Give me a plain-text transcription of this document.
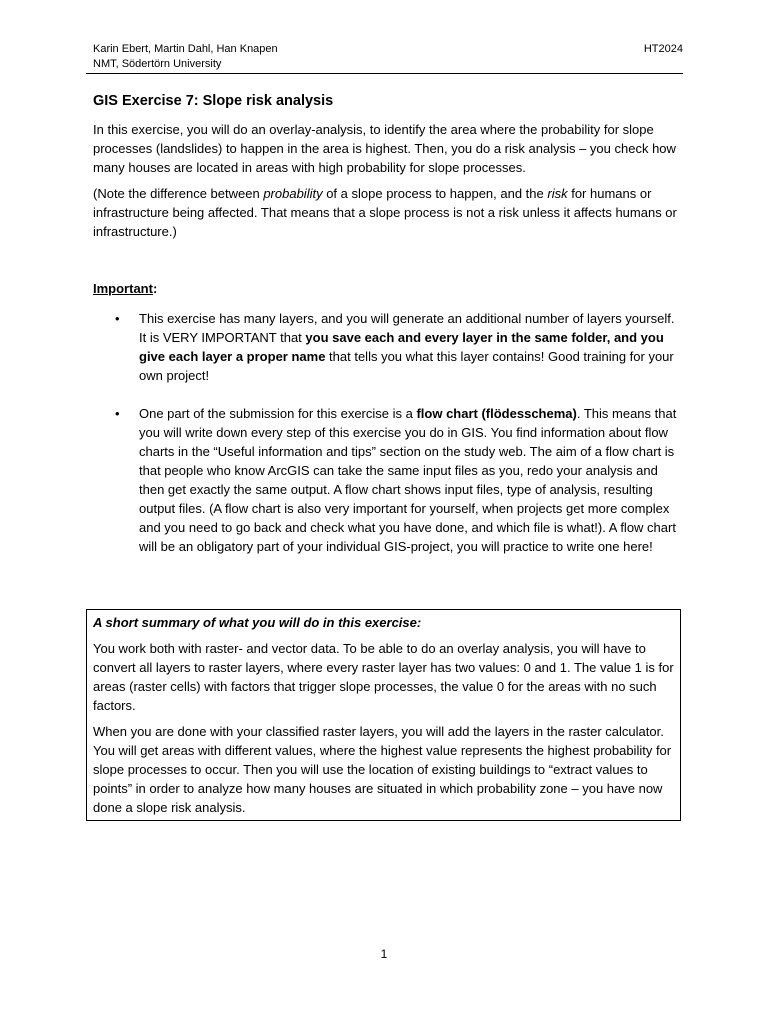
Karin Ebert, Martin Dahl, Han Knapen	HT2024
NMT, Södertörn University
GIS Exercise 7: Slope risk analysis

In this exercise, you will do an overlay-analysis, to identify the area where the probability for slope processes (landslides) to happen in the area is highest. Then, you do a risk analysis – you check how many houses are located in areas with high probability for slope processes.

(Note the difference between probability of a slope process to happen, and the risk for humans or infrastructure being affected. That means that a slope process is not a risk unless it affects humans or infrastructure.)

Important:

• This exercise has many layers, and you will generate an additional number of layers yourself. It is VERY IMPORTANT that you save each and every layer in the same folder, and you give each layer a proper name that tells you what this layer contains! Good training for your own project!
• One part of the submission for this exercise is a flow chart (flödesschema). This means that you will write down every step of this exercise you do in GIS. You find information about flow charts in the “Useful information and tips” section on the study web. The aim of a flow chart is that people who know ArcGIS can take the same input files as you, redo your analysis and then get exactly the same output. A flow chart shows input files, type of analysis, resulting output files. (A flow chart is also very important for yourself, when projects get more complex and you need to go back and check what you have done, and which file is what!). A flow chart will be an obligatory part of your individual GIS-project, you will practice to write one here!
A short summary of what you will do in this exercise:

You work both with raster- and vector data. To be able to do an overlay analysis, you will have to convert all layers to raster layers, where every raster layer has two values: 0 and 1. The value 1 is for areas (raster cells) with factors that trigger slope processes, the value 0 for the areas with no such factors.

When you are done with your classified raster layers, you will add the layers in the raster calculator. You will get areas with different values, where the highest value represents the highest probability for slope processes to occur. Then you will use the location of existing buildings to “extract values to points” in order to analyze how many houses are situated in which probability zone – you have now done a slope risk analysis.

1
